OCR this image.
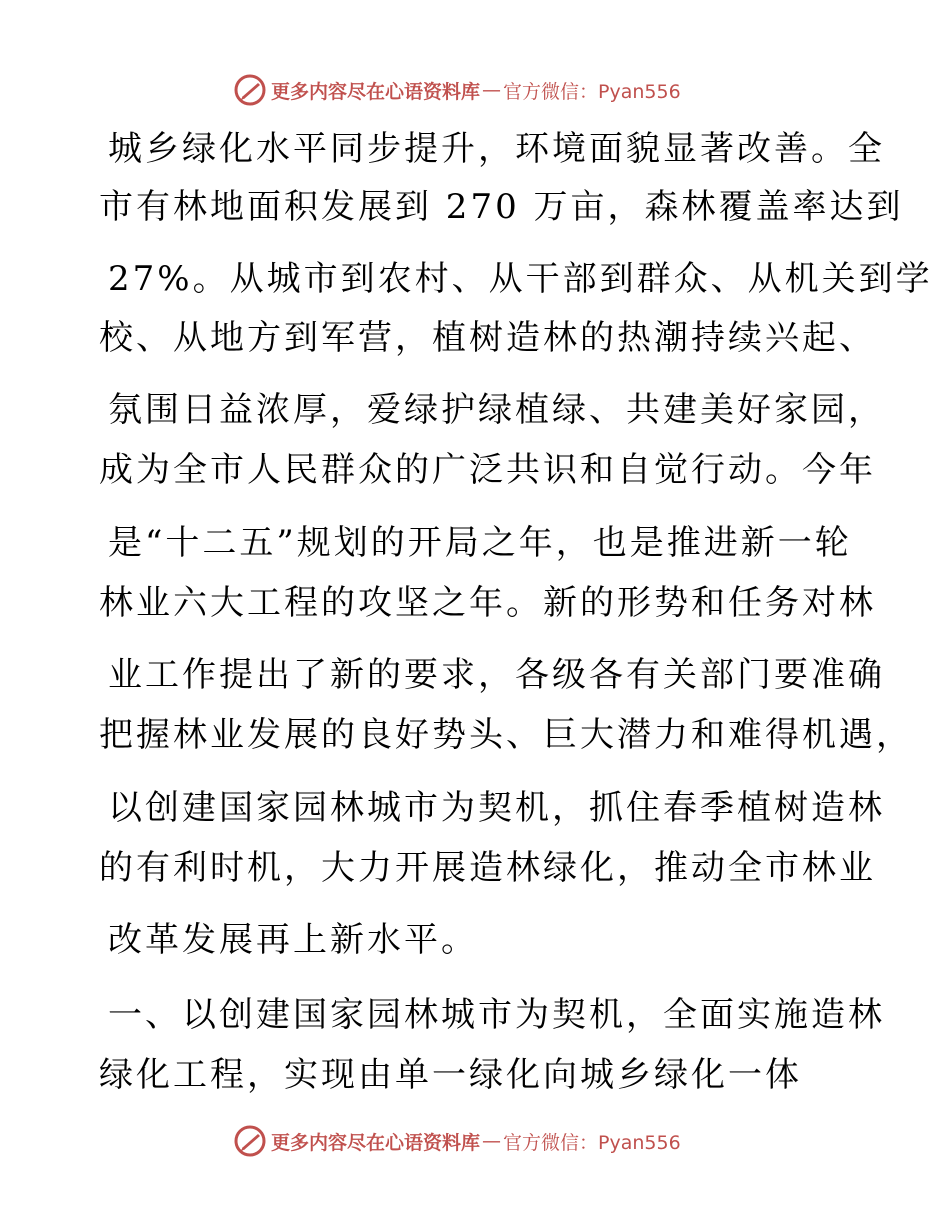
更多内容尽在心语资料库 — 官方微信：Pyan556
城乡绿化水平同步提升，环境面貌显著改善。全
市有林地面积发展到 270 万亩，森林覆盖率达到
27%。从城市到农村、从干部到群众、从机关到学
校、从地方到军营，植树造林的热潮持续兴起、
氛围日益浓厚，爱绿护绿植绿、共建美好家园，
成为全市人民群众的广泛共识和自觉行动。今年
是“十二五”规划的开局之年，也是推进新一轮
林业六大工程的攻坚之年。新的形势和任务对林
业工作提出了新的要求，各级各有关部门要准确
把握林业发展的良好势头、巨大潜力和难得机遇，
以创建国家园林城市为契机，抓住春季植树造林
的有利时机，大力开展造林绿化，推动全市林业
改革发展再上新水平。
一、以创建国家园林城市为契机，全面实施造林
绿化工程，实现由单一绿化向城乡绿化一体
更多内容尽在心语资料库 — 官方微信：Pyan556
